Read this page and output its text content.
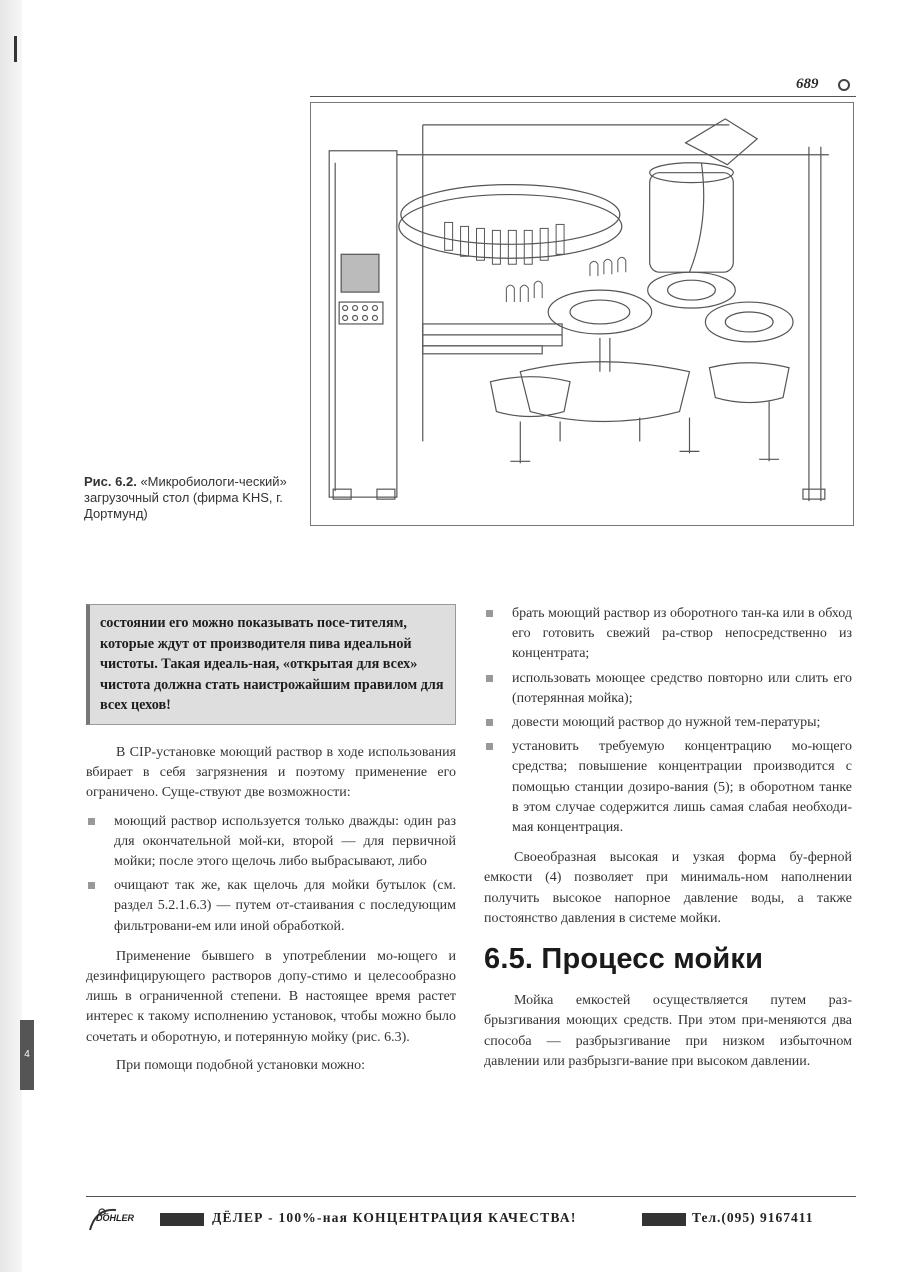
4
689
Рис. 6.2. «Микробиологи-ческий» загрузочный стол (фирма KHS, г. Дортмунд)
состоянии его можно показывать посе-тителям, которые ждут от производителя пива идеальной чистоты. Такая идеаль-ная, «открытая для всех» чистота должна стать наистрожайшим правилом для всех цехов!

В CIP-установке моющий раствор в ходе использования вбирает в себя загрязнения и поэтому применение его ограничено. Суще-ствуют две возможности:

моющий раствор используется только дважды: один раз для окончательной мой-ки, второй — для первичной мойки; после этого щелочь либо выбрасывают, либо
очищают так же, как щелочь для мойки бутылок (см. раздел 5.2.1.6.3) — путем от-стаивания с последующим фильтровани-ем или иной обработкой.

Применение бывшего в употреблении мо-ющего и дезинфицирующего растворов допу-стимо и целесообразно лишь в ограниченной степени. В настоящее время растет интерес к такому исполнению установок, чтобы можно было сочетать и оборотную, и потерянную мойку (рис. 6.3).

При помощи подобной установки можно:

брать моющий раствор из оборотного тан-ка или в обход его готовить свежий ра-створ непосредственно из концентрата;
использовать моющее средство повторно или слить его (потерянная мойка);
довести моющий раствор до нужной тем-пературы;
установить требуемую концентрацию мо-ющего средства; повышение концентрации производится с помощью станции дозиро-вания (5); в оборотном танке в этом случае содержится лишь самая слабая необходи-мая концентрация.

Своеобразная высокая и узкая форма бу-ферной емкости (4) позволяет при минималь-ном наполнении получить высокое напорное давление воды, а также постоянство давления в системе мойки.

6.5. Процесс мойки

Мойка емкостей осуществляется путем раз-брызгивания моющих средств. При этом при-меняются два способа — разбрызгивание при низком избыточном давлении или разбрызги-вание при высоком давлении.

DÖHLER	ДЁЛЕР - 100%-ная КОНЦЕНТРАЦИЯ КАЧЕСТВА!	Тел.(095) 9167411
